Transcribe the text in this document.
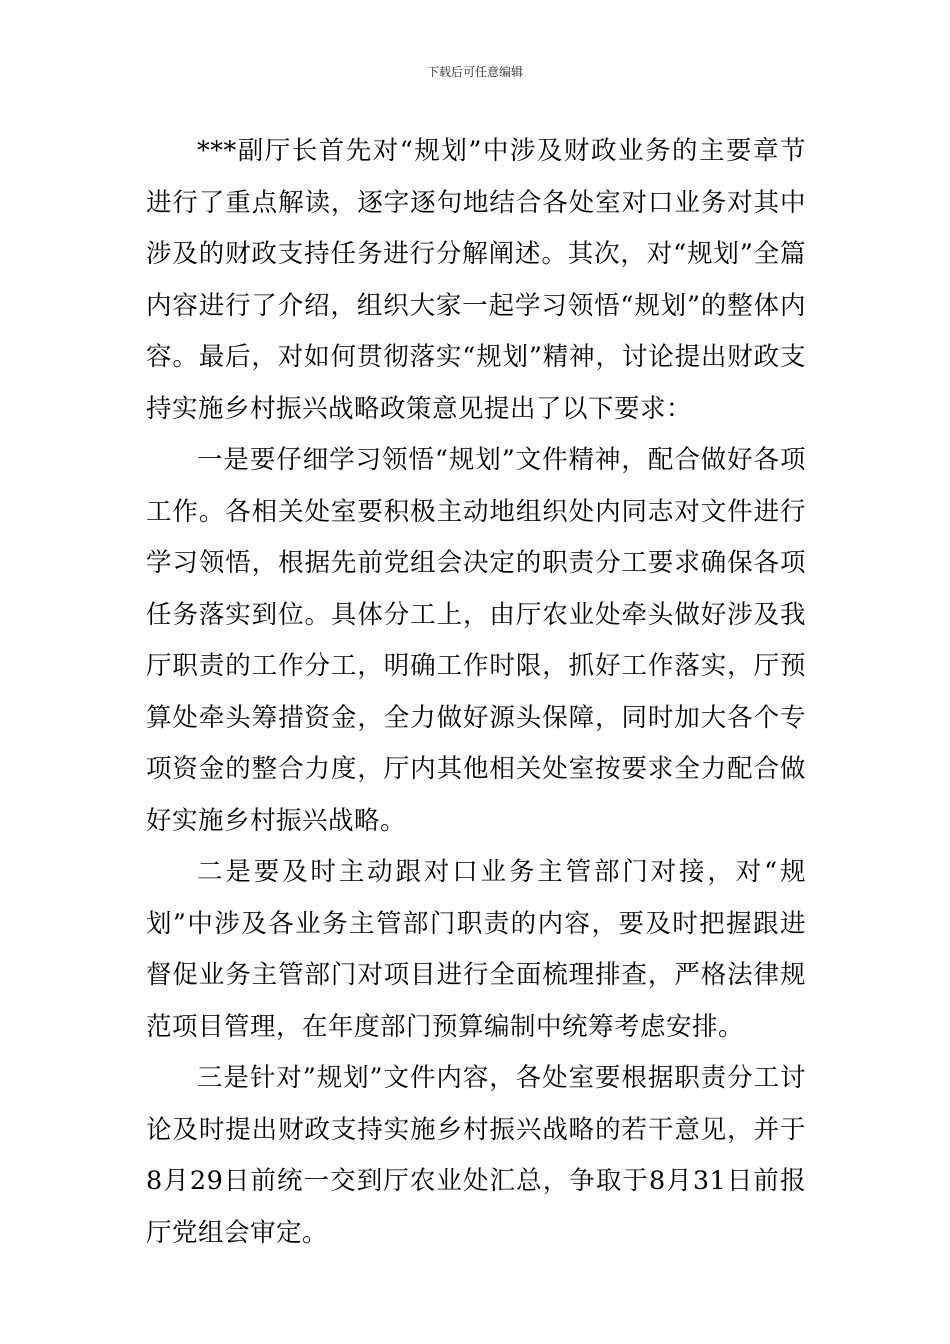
下载后可任意编辑

***副厅长首先对“规划”中涉及财政业务的主要章节进行了重点解读，逐字逐句地结合各处室对口业务对其中涉及的财政支持任务进行分解阐述。其次，对“规划”全篇内容进行了介绍，组织大家一起学习领悟“规划”的整体内容。最后，对如何贯彻落实“规划”精神，讨论提出财政支持实施乡村振兴战略政策意见提出了以下要求：

一是要仔细学习领悟“规划”文件精神，配合做好各项工作。各相关处室要积极主动地组织处内同志对文件进行学习领悟，根据先前党组会决定的职责分工要求确保各项任务落实到位。具体分工上，由厅农业处牵头做好涉及我厅职责的工作分工，明确工作时限，抓好工作落实，厅预算处牵头筹措资金，全力做好源头保障，同时加大各个专项资金的整合力度，厅内其他相关处室按要求全力配合做好实施乡村振兴战略。

二是要及时主动跟对口业务主管部门对接，对“规划”中涉及各业务主管部门职责的内容，要及时把握跟进督促业务主管部门对项目进行全面梳理排查，严格法律规范项目管理，在年度部门预算编制中统筹考虑安排。

三是针对”规划”文件内容，各处室要根据职责分工讨论及时提出财政支持实施乡村振兴战略的若干意见，并于8月29日前统一交到厅农业处汇总，争取于8月31日前报厅党组会审定。
